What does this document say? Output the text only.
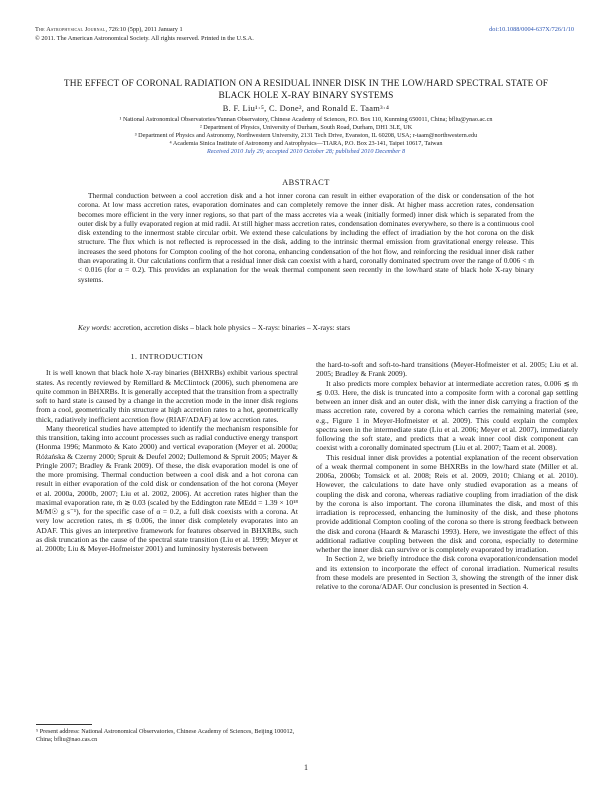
The Astrophysical Journal, 726:10 (5pp), 2011 January 1
© 2011. The American Astronomical Society. All rights reserved. Printed in the U.S.A.
doi:10.1088/0004-637X/726/1/10
THE EFFECT OF CORONAL RADIATION ON A RESIDUAL INNER DISK IN THE LOW/HARD SPECTRAL STATE OF BLACK HOLE X-RAY BINARY SYSTEMS
B. F. Liu¹·⁵, C. Done², and Ronald E. Taam³·⁴
¹ National Astronomical Observatories/Yunnan Observatory, Chinese Academy of Sciences, P.O. Box 110, Kunming 650011, China; bfliu@ynao.ac.cn
² Department of Physics, University of Durham, South Road, Durham, DH1 3LE, UK
³ Department of Physics and Astronomy, Northwestern University, 2131 Tech Drive, Evanston, IL 60208, USA; r-taam@northwestern.edu
⁴ Academia Sinica Institute of Astronomy and Astrophysics—TIARA, P.O. Box 23-141, Taipei 10617, Taiwan
Received 2010 July 29; accepted 2010 October 28; published 2010 December 8
ABSTRACT

Thermal conduction between a cool accretion disk and a hot inner corona can result in either evaporation of the disk or condensation of the hot corona. At low mass accretion rates, evaporation dominates and can completely remove the inner disk. At higher mass accretion rates, condensation becomes more efficient in the very inner regions, so that part of the mass accretes via a weak (initially formed) inner disk which is separated from the outer disk by a fully evaporated region at mid radii. At still higher mass accretion rates, condensation dominates everywhere, so there is a continuous cool disk extending to the innermost stable circular orbit. We extend these calculations by including the effect of irradiation by the hot corona on the disk structure. The flux which is not reflected is reprocessed in the disk, adding to the intrinsic thermal emission from gravitational energy release. This increases the seed photons for Compton cooling of the hot corona, enhancing condensation of the hot flow, and reinforcing the residual inner disk rather than evaporating it. Our calculations confirm that a residual inner disk can coexist with a hard, coronally dominated spectrum over the range of 0.006 < ṁ < 0.016 (for α = 0.2). This provides an explanation for the weak thermal component seen recently in the low/hard state of black hole X-ray binary systems.

Key words: accretion, accretion disks – black hole physics – X-rays: binaries – X-rays: stars
1. INTRODUCTION

It is well known that black hole X-ray binaries (BHXRBs) exhibit various spectral states. As recently reviewed by Remillard & McClintock (2006), such phenomena are quite common in BHXRBs. It is generally accepted that the transition from a spectrally soft to hard state is caused by a change in the accretion mode in the inner disk regions from a cool, geometrically thin structure at high accretion rates to a hot, geometrically thick, radiatively inefficient accretion flow (RIAF/ADAF) at low accretion rates.

Many theoretical studies have attempted to identify the mechanism responsible for this transition, taking into account processes such as radial conductive energy transport (Honma 1996; Manmoto & Kato 2000) and vertical evaporation (Meyer et al. 2000a; Różańska & Czerny 2000; Spruit & Deufel 2002; Dullemond & Spruit 2005; Mayer & Pringle 2007; Bradley & Frank 2009). Of these, the disk evaporation model is one of the more promising. Thermal conduction between a cool disk and a hot corona can result in either evaporation of the cold disk or condensation of the hot corona (Meyer et al. 2000a, 2000b, 2007; Liu et al. 2002, 2006). At accretion rates higher than the maximal evaporation rate, ṁ ≳ 0.03 (scaled by the Eddington rate ṀEdd = 1.39 × 10¹⁸ M/M☉ g s⁻¹), for the specific case of α = 0.2, a full disk coexists with a corona. At very low accretion rates, ṁ ≲ 0.006, the inner disk completely evaporates into an ADAF. This gives an interpretive framework for features observed in BHXRBs, such as disk truncation as the cause of the spectral state transition (Liu et al. 1999; Meyer et al. 2000b; Liu & Meyer-Hofmeister 2001) and luminosity hysteresis between

the hard-to-soft and soft-to-hard transitions (Meyer-Hofmeister et al. 2005; Liu et al. 2005; Bradley & Frank 2009).

It also predicts more complex behavior at intermediate accretion rates, 0.006 ≲ ṁ ≲ 0.03. Here, the disk is truncated into a composite form with a coronal gap settling between an inner disk and an outer disk, with the inner disk carrying a fraction of the mass accretion rate, covered by a corona which carries the remaining material (see, e.g., Figure 1 in Meyer-Hofmeister et al. 2009). This could explain the complex spectra seen in the intermediate state (Liu et al. 2006; Meyer et al. 2007), immediately following the soft state, and predicts that a weak inner cool disk component can coexist with a coronally dominated spectrum (Liu et al. 2007; Taam et al. 2008).

This residual inner disk provides a potential explanation of the recent observation of a weak thermal component in some BHXRBs in the low/hard state (Miller et al. 2006a, 2006b; Tomsick et al. 2008; Reis et al. 2009, 2010; Chiang et al. 2010). However, the calculations to date have only studied evaporation as a means of coupling the disk and corona, whereas radiative coupling from irradiation of the disk by the corona is also important. The corona illuminates the disk, and most of this irradiation is reprocessed, enhancing the luminosity of the disk, and these photons provide additional Compton cooling of the corona so there is strong feedback between the disk and corona (Haardt & Maraschi 1993). Here, we investigate the effect of this additional radiative coupling between the disk and corona, especially to determine whether the inner disk can survive or is completely evaporated by irradiation.

In Section 2, we briefly introduce the disk corona evaporation/condensation model and its extension to incorporate the effect of coronal irradiation. Numerical results from these models are presented in Section 3, showing the strength of the inner disk relative to the corona/ADAF. Our conclusion is presented in Section 4.

⁵ Present address: National Astronomical Observatories, Chinese Academy of Sciences, Beijing 100012, China; bfliu@nao.cas.cn
1
